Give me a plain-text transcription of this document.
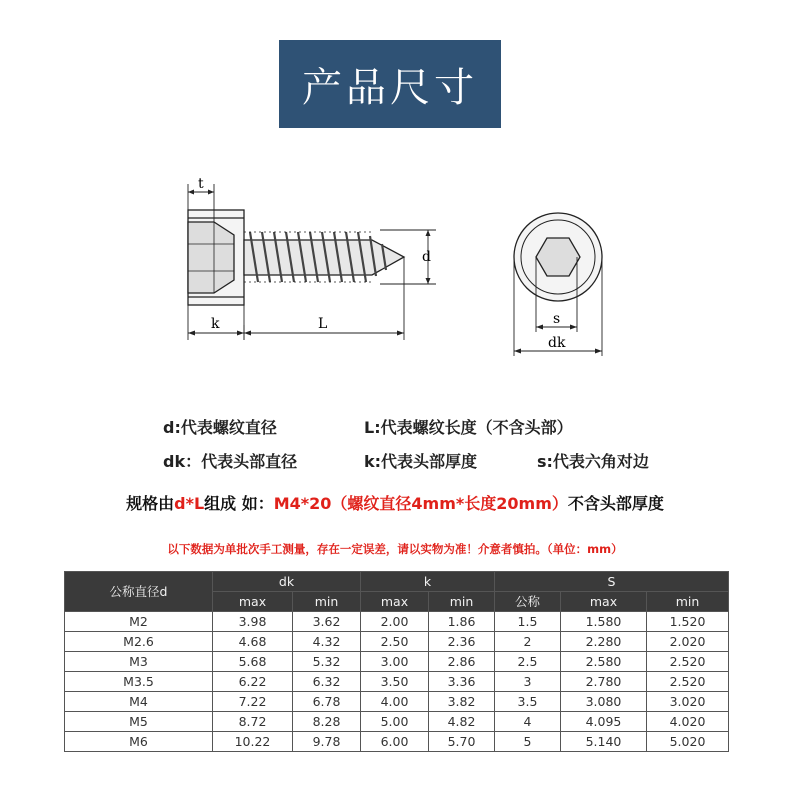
产品尺寸
t
d
k	L	s
dk
d:代表螺纹直径	L:代表螺纹长度（不含头部）
dk：代表头部直径	k:代表头部厚度	s:代表六角对边
规格由d*L组成 如：M4*20（螺纹直径4mm*长度20mm）不含头部厚度
以下数据为单批次手工测量，存在一定误差，请以实物为准！介意者慎拍。（单位：mm）
公称直径d	dk		k		S		
	max	min	max	min	公称	max	min
M2	3.98	3.62	2.00	1.86	1.5	1.580	1.520
M2.6	4.68	4.32	2.50	2.36	2	2.280	2.020
M3	5.68	5.32	3.00	2.86	2.5	2.580	2.520
M3.5	6.22	6.32	3.50	3.36	3	2.780	2.520
M4	7.22	6.78	4.00	3.82	3.5	3.080	3.020
M5	8.72	8.28	5.00	4.82	4	4.095	4.020
M6	10.22	9.78	6.00	5.70	5	5.140	5.020
